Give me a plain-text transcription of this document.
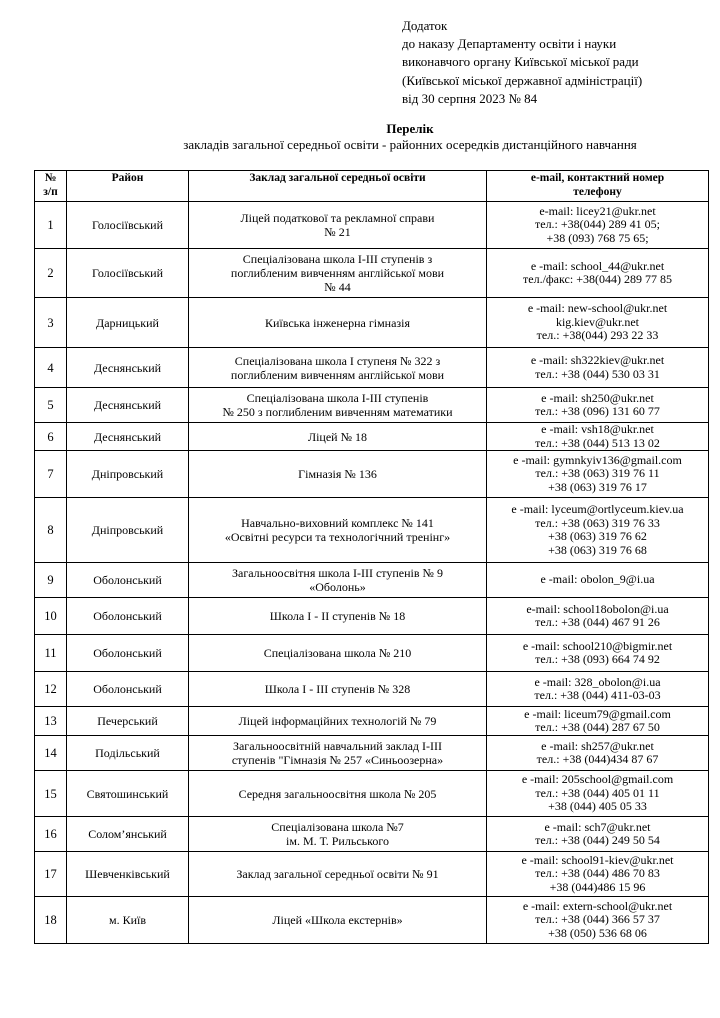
Додаток
до наказу Департаменту освіти і науки
виконавчого органу Київської міської ради
(Київської міської державної адміністрації)
від 30 серпня 2023 № 84
Перелік
закладів загальної середньої освіти - районних осередків дистанційного навчання
№
з/п	Район	Заклад загальної середньої освіти	e-mail, контактний номер
телефону

1	Голосіївський	Ліцей податкової та рекламної справи
№ 21	e-mail: licey21@ukr.net
тел.: +38(044) 289 41 05;
+38 (093) 768 75 65;

2	Голосіївський	Спеціалізована школа І-ІІІ ступенів з
поглибленим вивченням англійської мови
№ 44	e -mail: school_44@ukr.net
тел./факс: +38(044) 289 77 85

3	Дарницький	Київська інженерна гімназія	e -mail: new-school@ukr.net
kig.kiev@ukr.net
тел.: +38(044) 293 22 33

4	Деснянський	Спеціалізована школа І ступеня № 322 з
поглибленим вивченням англійської мови	e -mail: sh322kiev@ukr.net
тел.: +38 (044) 530 03 31

5	Деснянський	Спеціалізована школа І-ІІІ ступенів
№ 250 з поглибленим вивченням математики	e -mail: sh250@ukr.net
тел.: +38 (096) 131 60 77

6	Деснянський	Ліцей № 18	e -mail: vsh18@ukr.net
тел.: +38 (044) 513 13 02

7	Дніпровський	Гімназія № 136	e -mail: gymnkyiv136@gmail.com
тел.: +38 (063) 319 76 11
+38 (063) 319 76 17

8	Дніпровський	Навчально-виховний комплекс № 141
«Освітні ресурси та технологічний тренінг»	e -mail: lyceum@ortlyceum.kiev.ua
тел.: +38 (063) 319 76 33
+38 (063) 319 76 62
+38 (063) 319 76 68

9	Оболонський	Загальноосвітня школа І-ІІІ ступенів № 9
«Оболонь»	e -mail: obolon_9@i.ua

10	Оболонський	Школа І - ІІ ступенів № 18	e-mail: school18obolon@i.ua
тел.: +38 (044) 467 91 26

11	Оболонський	Спеціалізована школа № 210	e -mail: school210@bigmir.net
тел.: +38 (093) 664 74 92

12	Оболонський	Школа І - ІІІ ступенів № 328	e -mail: 328_obolon@i.ua
тел.: +38 (044) 411-03-03

13	Печерський	Ліцей інформаційних технологій № 79	e -mail: liceum79@gmail.com
тел.: +38 (044) 287 67 50

14	Подільський	Загальноосвітній навчальний заклад І-ІІІ
ступенів "Гімназія № 257 «Синьоозерна»	e -mail: sh257@ukr.net
тел.: +38 (044)434 87 67

15	Святошинський	Середня загальноосвітня школа № 205	e -mail: 205school@gmail.com
тел.: +38 (044) 405 01 11
+38 (044) 405 05 33

16	Солом’янський	Спеціалізована школа №7
ім. М. Т. Рильського	e -mail: sch7@ukr.net
тел.: +38 (044) 249 50 54

17	Шевченківський	Заклад загальної середньої освіти № 91	e -mail: school91-kiev@ukr.net
тел.: +38 (044) 486 70 83
+38 (044)486 15 96

18	м. Київ	Ліцей «Школа екстернів»	e -mail: extern-school@ukr.net
тел.: +38 (044) 366 57 37
+38 (050) 536 68 06
